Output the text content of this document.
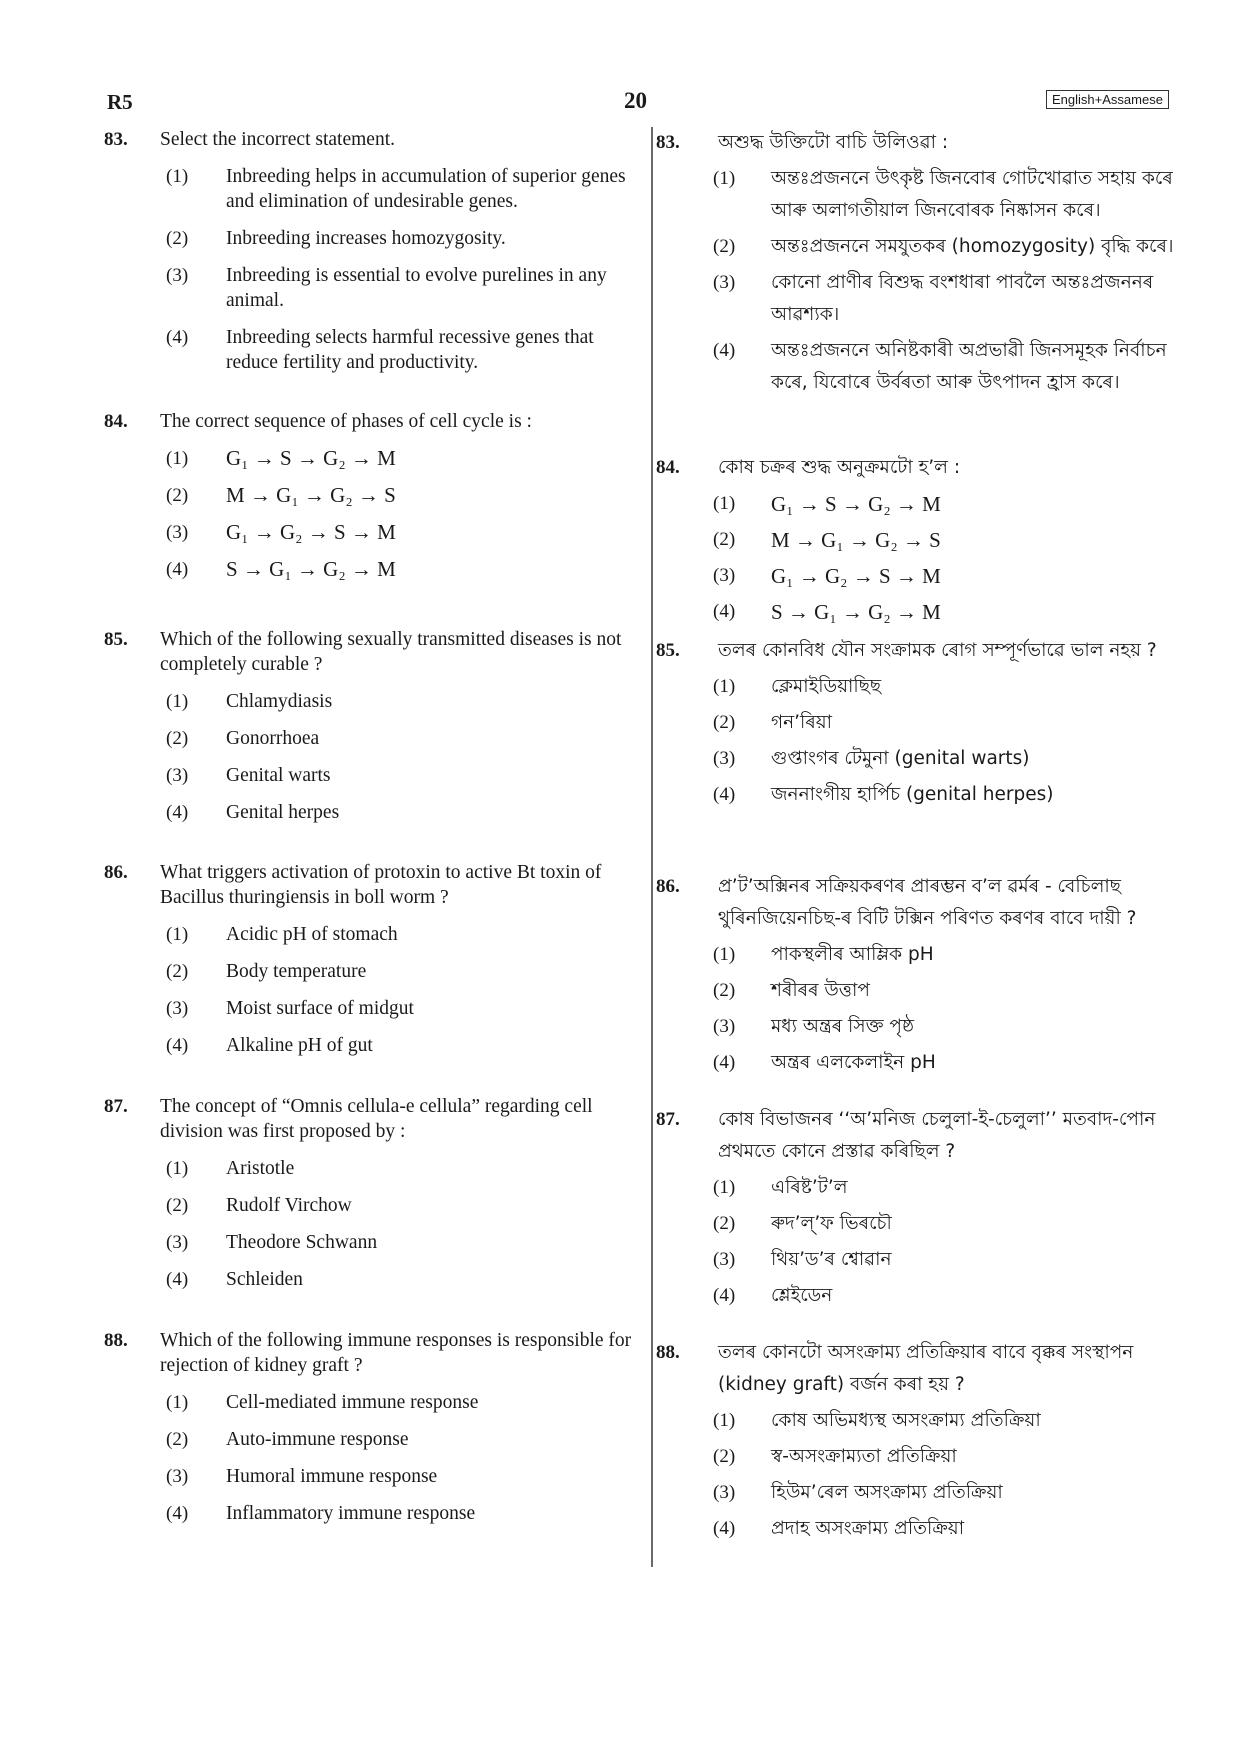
R5	20	English+Assamese
83.	Select the incorrect statement.
(1)	Inbreeding helps in accumulation of superior genes and elimination of undesirable genes.
(2)	Inbreeding increases homozygosity.
(3)	Inbreeding is essential to evolve purelines in any animal.
(4)	Inbreeding selects harmful recessive genes that reduce fertility and productivity.
84.	The correct sequence of phases of cell cycle is :
(1)	G₁ → S → G₂ → M
(2)	M → G₁ → G₂ → S
(3)	G₁ → G₂ → S → M
(4)	S → G₁ → G₂ → M
85.	Which of the following sexually transmitted diseases is not completely curable ?
(1)	Chlamydiasis
(2)	Gonorrhoea
(3)	Genital warts
(4)	Genital herpes
86.	What triggers activation of protoxin to active Bt toxin of Bacillus thuringiensis in boll worm ?
(1)	Acidic pH of stomach
(2)	Body temperature
(3)	Moist surface of midgut
(4)	Alkaline pH of gut
87.	The concept of “Omnis cellula-e cellula” regarding cell division was first proposed by :
(1)	Aristotle
(2)	Rudolf Virchow
(3)	Theodore Schwann
(4)	Schleiden
88.	Which of the following immune responses is responsible for rejection of kidney graft ?
(1)	Cell-mediated immune response
(2)	Auto-immune response
(3)	Humoral immune response
(4)	Inflammatory immune response
83.	অশুদ্ধ উক্তিটো বাচি উলিওৱা :
(1)	অন্তঃপ্ৰজননে উৎকৃষ্ট জিনবোৰ গোটখোৱাত সহায় কৰে আৰু অলাগতীয়াল জিনবোৰক নিষ্কাসন কৰে।
(2)	অন্তঃপ্ৰজননে সমযুতকৰ (homozygosity) বৃদ্ধি কৰে।
(3)	কোনো প্ৰাণীৰ বিশুদ্ধ বংশধাৰা পাবলৈ অন্তঃপ্ৰজননৰ আৱশ্যক।
(4)	অন্তঃপ্ৰজননে অনিষ্টকাৰী অপ্ৰভাৱী জিনসমূহক নিৰ্বাচন কৰে, যিবোৰে উৰ্বৰতা আৰু উৎপাদন হ্ৰাস কৰে।
84.	কোষ চক্ৰৰ শুদ্ধ অনুক্ৰমটো হ’ল :
(1)	G₁ → S → G₂ → M
(2)	M → G₁ → G₂ → S
(3)	G₁ → G₂ → S → M
(4)	S → G₁ → G₂ → M
85.	তলৰ কোনবিধ যৌন সংক্ৰামক ৰোগ সম্পূৰ্ণভাৱে ভাল নহয় ?
(1)	ক্লেমাইডিয়াছিছ
(2)	গন’ৰিয়া
(3)	গুপ্তাংগৰ টেমুনা (genital warts)
(4)	জননাংগীয় হাৰ্পিচ (genital herpes)
86.	প্ৰ’ট’অক্সিনৰ সক্ৰিয়কৰণৰ প্ৰাৰম্ভন ব’ল ৱৰ্মৰ - বেচিলাছ থুৰিনজিয়েনচিছ-ৰ বিটি টক্সিন পৰিণত কৰণৰ বাবে দায়ী ?
(1)	পাকস্থলীৰ আম্লিক pH
(2)	শৰীৰৰ উত্তাপ
(3)	মধ্য অন্ত্ৰৰ সিক্ত পৃষ্ঠ
(4)	অন্ত্ৰৰ এলকেলাইন pH
87.	কোষ বিভাজনৰ ‘‘অ’মনিজ চেলুলা-ই-চেলুলা’’ মতবাদ-পোন প্ৰথমতে কোনে প্ৰস্তাৱ কৰিছিল ?
(1)	এৰিষ্ট’ট’ল
(2)	ৰুদ’ল্’ফ ভিৰচৌ
(3)	থিয়’ড’ৰ শ্বোৱান
(4)	শ্লেইডেন
88.	তলৰ কোনটো অসংক্ৰাম্য প্ৰতিক্ৰিয়াৰ বাবে বৃক্কৰ সংস্থাপন (kidney graft) বৰ্জন কৰা হয় ?
(1)	কোষ অভিমধ্যস্থ অসংক্ৰাম্য প্ৰতিক্ৰিয়া
(2)	স্ব-অসংক্ৰাম্যতা প্ৰতিক্ৰিয়া
(3)	হিউম’ৰেল অসংক্ৰাম্য প্ৰতিক্ৰিয়া
(4)	প্ৰদাহ অসংক্ৰাম্য প্ৰতিক্ৰিয়া
